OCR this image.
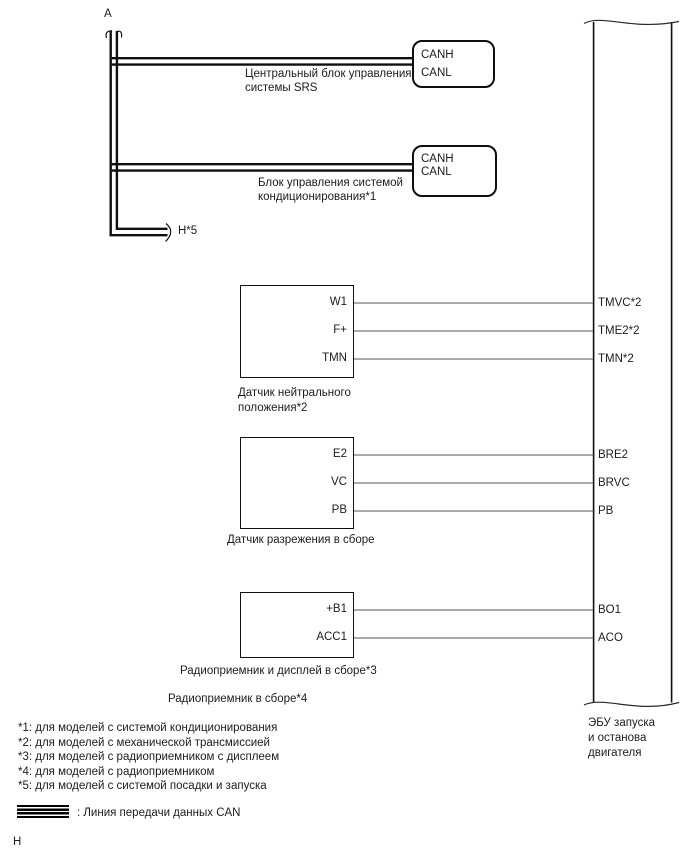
A
Н
CANH
CANL
Центральный блок управления
системы SRS
CANH
CANL
Блок управления системой
кондиционирования*1
Н*5
W1
F+
TMN
Датчик нейтрального
положения*2
E2
VC
PB
Датчик разрежения в сборе
+B1
ACC1
Радиоприемник и дисплей в сборе*3
Радиоприемник в сборе*4
TMVC*2
TME2*2
TMN*2
BRE2
BRVC
PB
BO1
ACO
ЭБУ запуска
и останова
двигателя
*1: для моделей с системой кондиционирования
*2: для моделей с механической трансмиссией
*3: для моделей с радиоприемником с дисплеем
*4: для моделей с радиоприемником
*5: для моделей с системой посадки и запуска
: Линия передачи данных CAN
